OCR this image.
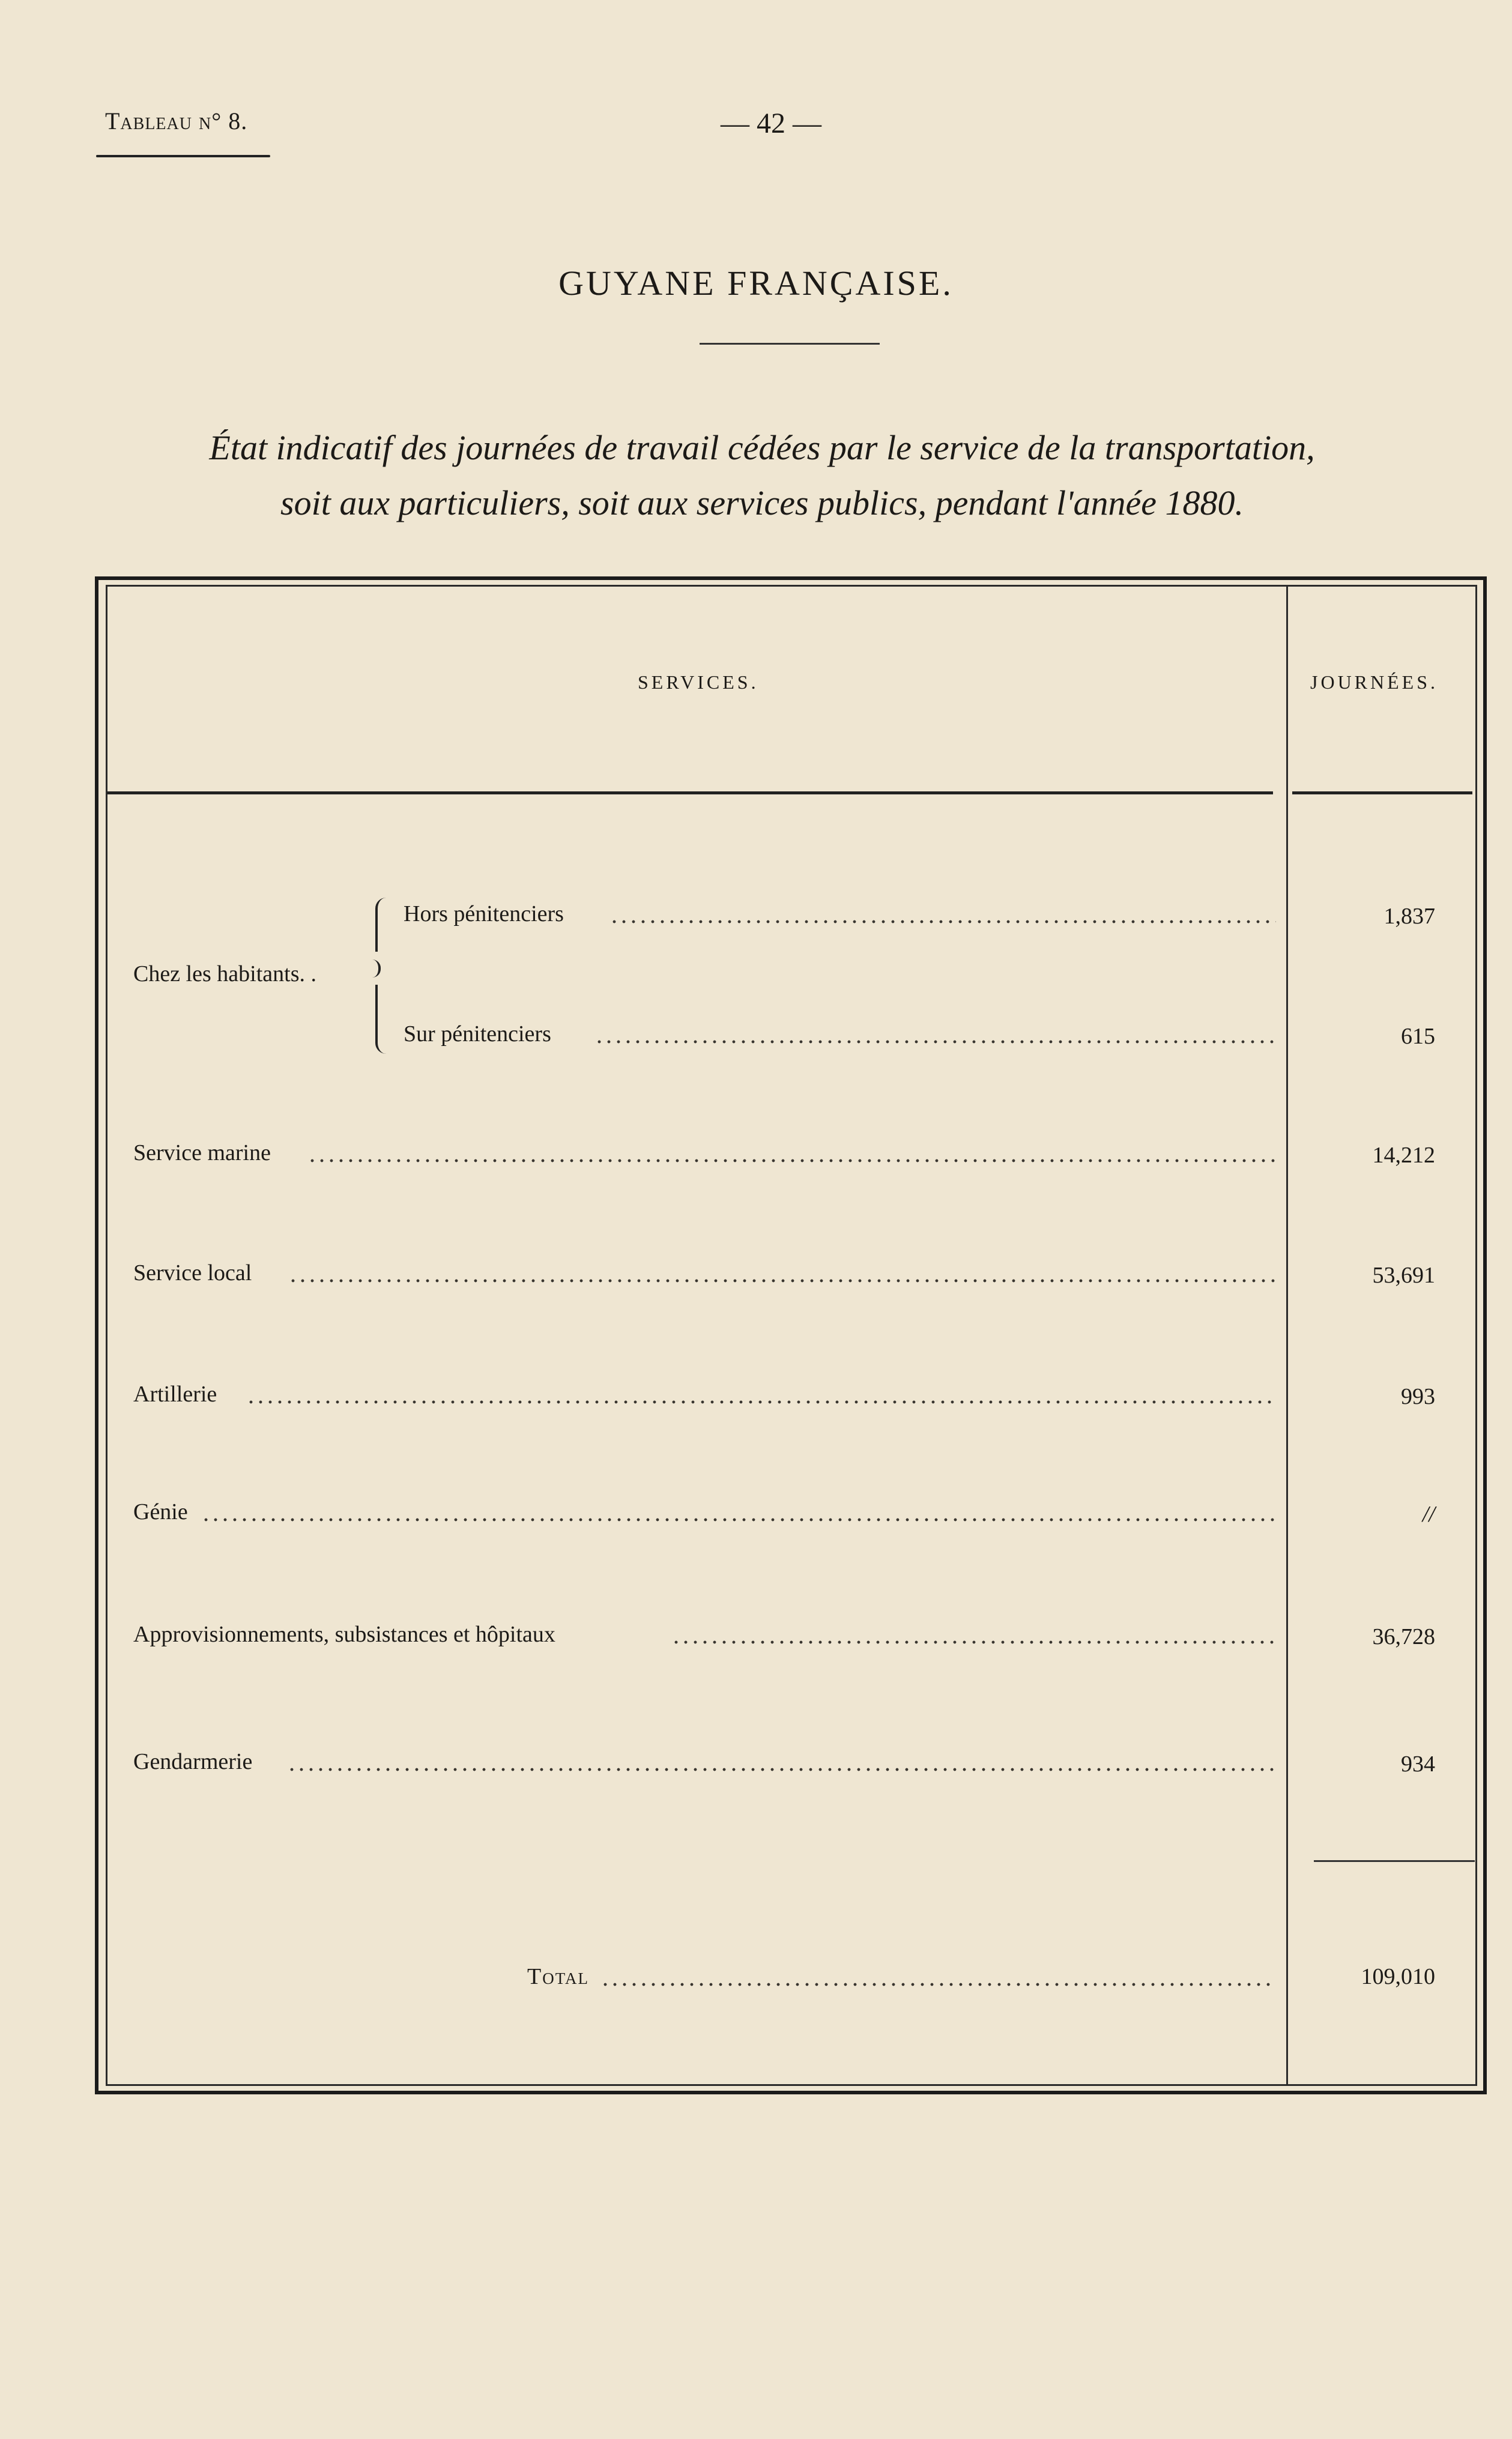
Tableau n° 8.	— 42 —
GUYANE FRANÇAISE.
État indicatif des journées de travail cédées par le service de la transportation,
soit aux particuliers, soit aux services publics, pendant l'année 1880.
SERVICES.	JOURNÉES.
Chez les habitants. .
Hors pénitenciers	1,837
Sur pénitenciers	615
Service marine	14,212
Service local	53,691
Artillerie	993
Génie	//
Approvisionnements, subsistances et hôpitaux	36,728
Gendarmerie	934
Total	109,010
